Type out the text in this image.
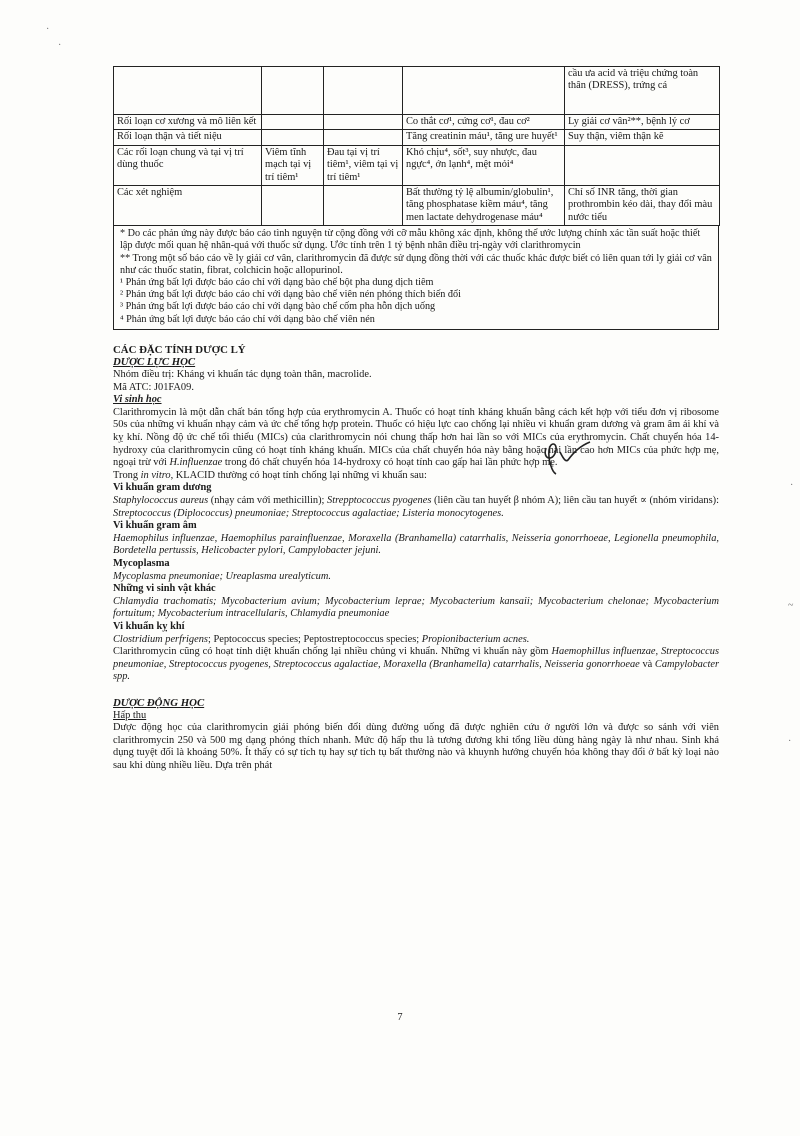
·
·
·
~
·
				cầu ưa acid và triệu chứng toàn thân (DRESS), trứng cá
Rối loạn cơ xương và mô liên kết			Co thắt cơ¹, cứng cơ¹, đau cơ²	Ly giải cơ vân²**, bệnh lý cơ
Rối loạn thận và tiết niệu			Tăng creatinin máu¹, tăng ure huyết¹	Suy thận, viêm thận kẽ
Các rối loạn chung và tại vị trí dùng thuốc	Viêm tĩnh mạch tại vị trí tiêm¹	Đau tại vị trí tiêm¹, viêm tại vị trí tiêm¹	Khó chịu⁴, sốt³, suy nhược, đau ngực⁴, ớn lạnh⁴, mệt mỏi⁴	
Các xét nghiệm			Bất thường tỷ lệ albumin/globulin¹, tăng phosphatase kiềm máu⁴, tăng men lactate dehydrogenase máu⁴	Chỉ số INR tăng, thời gian prothrombin kéo dài, thay đổi màu nước tiểu

* Do các phản ứng này được báo cáo tình nguyện từ cộng đồng với cỡ mẫu không xác định, không thể ước lượng chính xác tần suất hoặc thiết lập được mối quan hệ nhân-quả với thuốc sử dụng. Ước tính trên 1 tỷ bệnh nhân điều trị-ngày với clarithromycin

** Trong một số báo cáo về ly giải cơ vân, clarithromycin đã được sử dụng đồng thời với các thuốc khác được biết có liên quan tới ly giải cơ vân như các thuốc statin, fibrat, colchicin hoặc allopurinol.

¹ Phản ứng bất lợi được báo cáo chỉ với dạng bào chế bột pha dung dịch tiêm

² Phản ứng bất lợi được báo cáo chỉ với dạng bào chế viên nén phóng thích biến đổi

³ Phản ứng bất lợi được báo cáo chỉ với dạng bào chế cốm pha hỗn dịch uống

⁴ Phản ứng bất lợi được báo cáo chỉ với dạng bào chế viên nén

CÁC ĐẶC TÍNH DƯỢC LÝ
DƯỢC LỰC HỌC

Nhóm điều trị: Kháng vi khuẩn tác dụng toàn thân, macrolide.

Mã ATC: J01FA09.

Vi sinh học

Clarithromycin là một dẫn chất bán tổng hợp của erythromycin A. Thuốc có hoạt tính kháng khuẩn bằng cách kết hợp với tiểu đơn vị ribosome 50s của những vi khuẩn nhạy cảm và ức chế tổng hợp protein. Thuốc có hiệu lực cao chống lại nhiều vi khuẩn gram dương và gram âm ái khí và kỵ khí. Nồng độ ức chế tối thiểu (MICs) của clarithromycin nói chung thấp hơn hai lần so với MICs của erythromycin. Chất chuyển hóa 14-hydroxy của clarithromycin cũng có hoạt tính kháng khuẩn. MICs của chất chuyển hóa này bằng hoặc hai lần cao hơn MICs của phức hợp mẹ, ngoại trừ với H.influenzae trong đó chất chuyển hóa 14-hydroxy có hoạt tính cao gấp hai lần phức hợp mẹ.

Trong in vitro, KLACID thường có hoạt tính chống lại những vi khuẩn sau:

Vi khuẩn gram dương

Staphylococcus aureus (nhạy cảm với methicillin); Strepptococcus pyogenes (liên cầu tan huyết β nhóm A); liên cầu tan huyết ∝ (nhóm viridans): Streptococcus (Diplococcus) pneumoniae; Streptococcus agalactiae; Listeria monocytogenes.

Vi khuẩn gram âm

Haemophilus influenzae, Haemophilus parainfluenzae, Moraxella (Branhamella) catarrhalis, Neisseria gonorrhoeae, Legionella pneumophila, Bordetella pertussis, Helicobacter pylori, Campylobacter jejuni.

Mycoplasma

Mycoplasma pneumoniae; Ureaplasma urealyticum.

Những vi sinh vật khác

Chlamydia trachomatis; Mycobacterium avium; Mycobacterium leprae; Mycobacterium kansaii; Mycobacterium chelonae; Mycobacterium fortuitum; Mycobacterium intracellularis, Chlamydia pneumoniae

Vi khuẩn kỵ khí

Clostridium perfrigens; Peptococcus species; Peptostreptococcus species; Propionibacterium acnes.

Clarithromycin cũng có hoạt tính diệt khuẩn chống lại nhiều chủng vi khuẩn. Những vi khuẩn này gồm Haemophillus influenzae, Streptococcus pneumoniae, Streptococcus pyogenes, Streptococcus agalactiae, Moraxella (Branhamella) catarrhalis, Neisseria gonorrhoeae và Campylobacter spp.

DƯỢC ĐỘNG HỌC

Hấp thu

Dược động học của clarithromycin giải phóng biến đổi dùng đường uống đã được nghiên cứu ở người lớn và được so sánh với viên clarithromycin 250 và 500 mg dạng phóng thích nhanh. Mức độ hấp thu là tương đương khi tổng liều dùng hàng ngày là như nhau. Sinh khả dụng tuyệt đối là khoảng 50%. Ít thấy có sự tích tụ hay sự tích tụ bất thường nào và khuynh hướng chuyển hóa không thay đổi ở bất kỳ loại nào sau khi dùng nhiều liều. Dựa trên phát

7
